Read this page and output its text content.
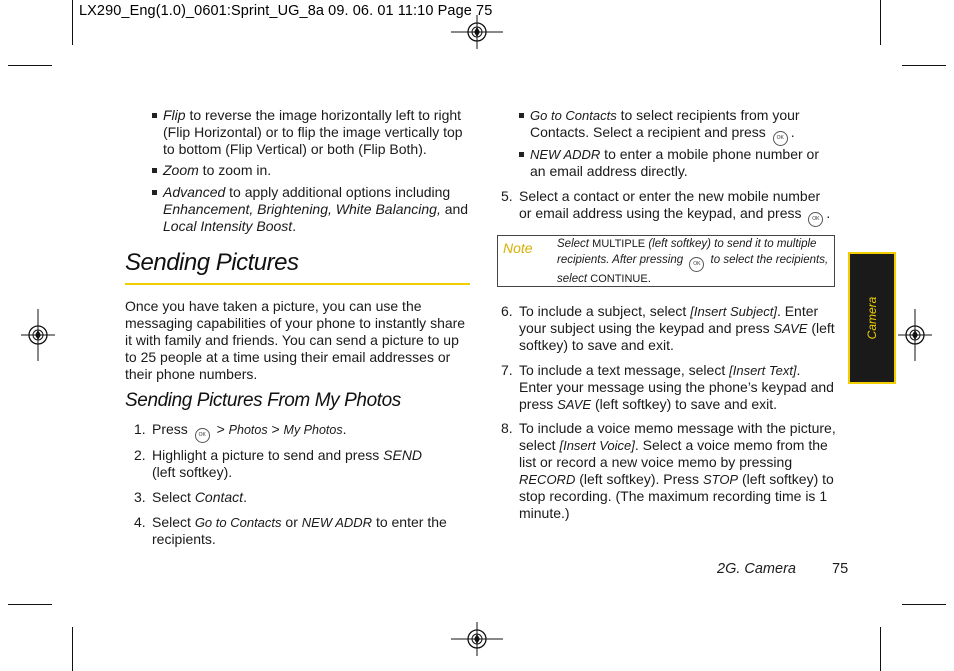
LX290_Eng(1.0)_0601:Sprint_UG_8a 09. 06. 01 11:10 Page 75
Flip to reverse the image horizontally left to right (Flip Horizontal) or to flip the image vertically top to bottom (Flip Vertical) or both (Flip Both).
Zoom to zoom in.
Advanced to apply additional options including Enhancement, Brightening, White Balancing, and Local Intensity Boost.
Sending Pictures
Once you have taken a picture, you can use the messaging capabilities of your phone to instantly share it with family and friends. You can send a picture to up to 25 people at a time using their email addresses or their phone numbers.
Sending Pictures From My Photos
1. Press OK > Photos > My Photos.
2. Highlight a picture to send and press SEND (left softkey).
3. Select Contact.
4. Select Go to Contacts or NEW ADDR to enter the recipients.
Go to Contacts to select recipients from your Contacts. Select a recipient and press OK .
NEW ADDR to enter a mobile phone number or an email address directly.
5. Select a contact or enter the new mobile number or email address using the keypad, and press OK .
Note Select MULTIPLE (left softkey) to send it to multiple recipients. After pressing OK to select the recipients, select CONTINUE.
6. To include a subject, select [Insert Subject]. Enter your subject using the keypad and press SAVE (left softkey) to save and exit.
7. To include a text message, select [Insert Text]. Enter your message using the phone’s keypad and press SAVE (left softkey) to save and exit.
8. To include a voice memo message with the picture, select [Insert Voice]. Select a voice memo from the list or record a new voice memo by pressing RECORD (left softkey). Press STOP (left softkey) to stop recording. (The maximum recording time is 1 minute.)
Camera
2G. Camera 75
